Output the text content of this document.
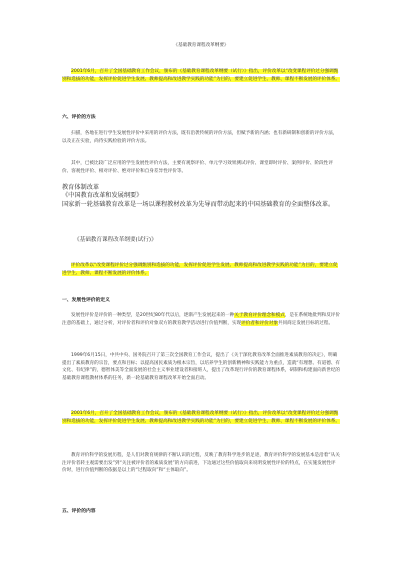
《基础教育课程改革纲要》

2001年6月，召开了全国基础教育工作会议，颁布的《基础教育课程改革纲要（试行）》指出，评价改革以“改变课程评价过分强调甄别和选拔的功能，发挥评价促进学生发展、教师提高和改进教学实践的功能”为目的，要建立促进学生、教师、课程不断发展的评价体系。

六、评价的方法

扫描，各地在进行学生发展性评价中采用的评价方法，既有沿袭传统的评价方法，但赋予新的内涵；也有新研制和创新的评价方法，以及正在实验，尚待实践检验的评价方法。

其中，已被比较广泛应用的学生发展性评价方法，主要有观察评价、单元学习效果测试评价、课堂即时评价、案例评价、阶段性评价、客观性评价、相对评价、绝对评价和自身差异性评价等。

教育体制改革
《中国教育改革和发展纲要》
国家新一轮基础教育改革是一场以课程教材改革为先导而带动起来的中国基础教育的全面整体改革。

《基础教育课程改革纲要(试行)》

评价改革以“改变课程评价过分强调甄别和选拔的功能，发挥评价促进学生发展、教师提高和改进教学实践的功能”为目的，要建立促进学生、教师、课程不断发展的评价体系。

一、发展性评价的定义

发展性评价是评价的一种类型，是20世纪80年代以后，逐渐产生发展起来的一种关于教育评价理念和模式，是在系统地批判和反评价注意的基础上，通过分析，对评价者和评价对象双方的教育教学活动进行价值判断，实现评价者和评价对象共同商定发展目标的过程。

1999年6月15日，中共中央、国务院召开了第三次全国教育工作会议，提出了《关于深化教育改革全面推进素质教育的决定》，明确提出了素质教育的宗旨，要点和目标；以提高国民素质为根本宗旨，以培养学生的创新精神和实践能力为重点，造就“有理想、有道德、有文化、有纪律”的，德智体美等全面发展的社会主义事业建设者和接班人，提出了改革现行评价的教育课程体系，研制和构建面向新世纪的基础教育课程教材体系的任务，新一轮基础教育课程改革开始全面启动。

2001年6月，召开了全国基础教育工作会议，颁布的《基础教育课程改革纲要（试行）》指出，评价改革以“改变课程评价过分强调甄别和选拔的功能，发挥评价促进学生发展、教师提高和改进教学实践的功能”为目的，要建立促进学生、教师、课程不断发展的评价体系。

教育评价科学的发展历程，是人们对教育规律的不断认识的过程，反映了教育科学进步的足迹，教育评价科学的发展基本是沿着“从关注评价者转主观需要出发”到“关注被评价者的素质发展”的方向前进，下边通过这些价值取向来说明发展性评价的特点，在实施发展性评价时，进行价值判断的依据是以上的“过程取向”和“主体取向”。

五、评价的内容
